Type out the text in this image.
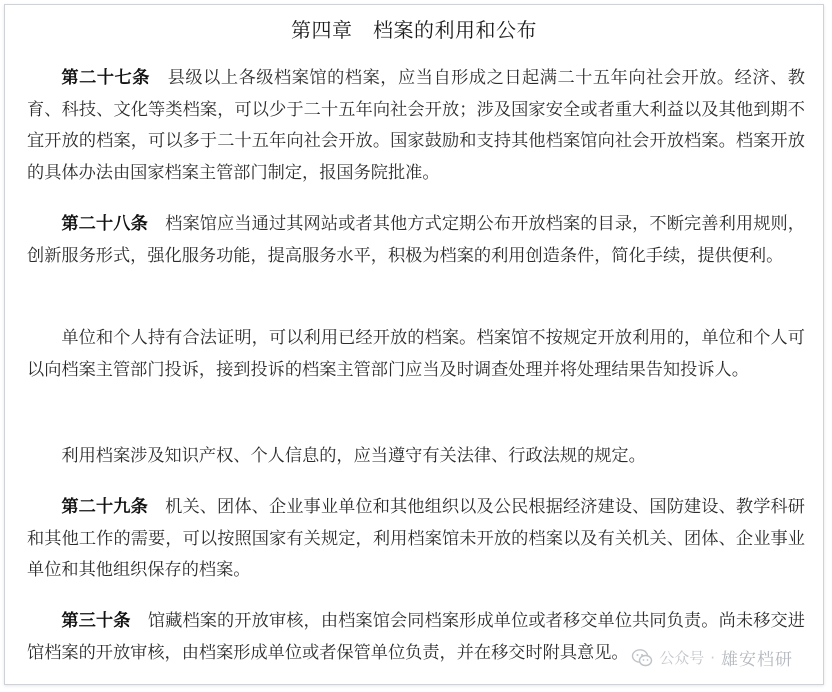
第四章　档案的利用和公布

第二十七条　 县级以上各级档案馆的档案，应当自形成之日起满二十五年向社会开放。经济、教育、科技、文化等类档案，可以少于二十五年向社会开放；涉及国家安全或者重大利益以及其他到期不宜开放的档案，可以多于二十五年向社会开放。国家鼓励和支持其他档案馆向社会开放档案。档案开放的具体办法由国家档案主管部门制定，报国务院批准。

第二十八条　 档案馆应当通过其网站或者其他方式定期公布开放档案的目录，不断完善利用规则，创新服务形式，强化服务功能，提高服务水平，积极为档案的利用创造条件，简化手续，提供便利。

单位和个人持有合法证明，可以利用已经开放的档案。档案馆不按规定开放利用的，单位和个人可以向档案主管部门投诉，接到投诉的档案主管部门应当及时调查处理并将处理结果告知投诉人。

利用档案涉及知识产权、个人信息的，应当遵守有关法律、行政法规的规定。

第二十九条　 机关、团体、企业事业单位和其他组织以及公民根据经济建设、国防建设、教学科研和其他工作的需要，可以按照国家有关规定，利用档案馆未开放的档案以及有关机关、团体、企业事业单位和其他组织保存的档案。

第三十条　 馆藏档案的开放审核，由档案馆会同档案形成单位或者移交单位共同负责。尚未移交进馆档案的开放审核，由档案形成单位或者保管单位负责，并在移交时附具意见。	公众号 · 雄安档研
